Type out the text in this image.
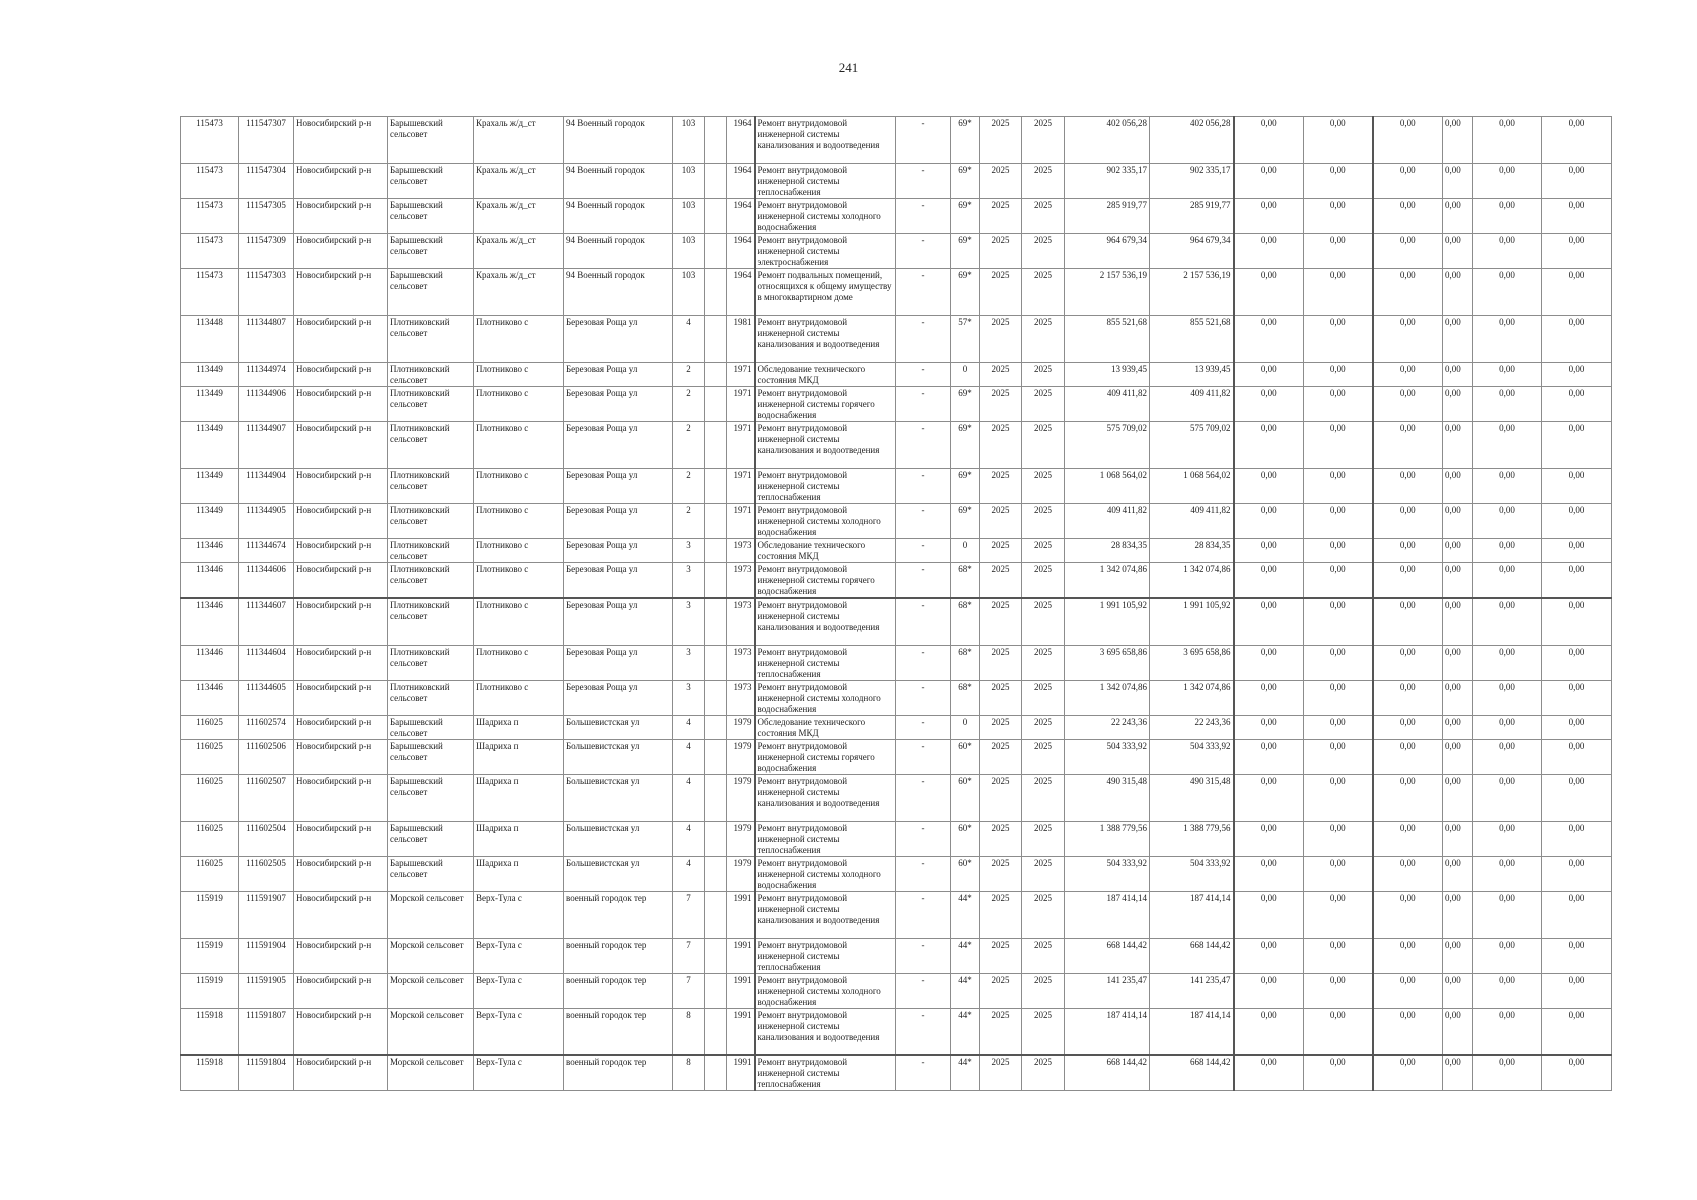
241
115473	111547307	Новосибирский р-н	Барышевский сельсовет	Крахаль ж/д_ст	94 Военный городок	103		1964	Ремонт внутридомовой инженерной системы канализования и водоотведения	-	69*	2025	2025	402 056,28	402 056,28	0,00	0,00	0,00	0,00	0,00	0,00
115473	111547304	Новосибирский р-н	Барышевский сельсовет	Крахаль ж/д_ст	94 Военный городок	103		1964	Ремонт внутридомовой инженерной системы теплоснабжения	-	69*	2025	2025	902 335,17	902 335,17	0,00	0,00	0,00	0,00	0,00	0,00
115473	111547305	Новосибирский р-н	Барышевский сельсовет	Крахаль ж/д_ст	94 Военный городок	103		1964	Ремонт внутридомовой инженерной системы холодного водоснабжения	-	69*	2025	2025	285 919,77	285 919,77	0,00	0,00	0,00	0,00	0,00	0,00
115473	111547309	Новосибирский р-н	Барышевский сельсовет	Крахаль ж/д_ст	94 Военный городок	103		1964	Ремонт внутридомовой инженерной системы электроснабжения	-	69*	2025	2025	964 679,34	964 679,34	0,00	0,00	0,00	0,00	0,00	0,00
115473	111547303	Новосибирский р-н	Барышевский сельсовет	Крахаль ж/д_ст	94 Военный городок	103		1964	Ремонт подвальных помещений, относящихся к общему имуществу в многоквартирном доме	-	69*	2025	2025	2 157 536,19	2 157 536,19	0,00	0,00	0,00	0,00	0,00	0,00
113448	111344807	Новосибирский р-н	Плотниковский сельсовет	Плотниково с	Березовая Роща ул	4		1981	Ремонт внутридомовой инженерной системы канализования и водоотведения	-	57*	2025	2025	855 521,68	855 521,68	0,00	0,00	0,00	0,00	0,00	0,00
113449	111344974	Новосибирский р-н	Плотниковский сельсовет	Плотниково с	Березовая Роща ул	2		1971	Обследование технического состояния МКД	-	0	2025	2025	13 939,45	13 939,45	0,00	0,00	0,00	0,00	0,00	0,00
113449	111344906	Новосибирский р-н	Плотниковский сельсовет	Плотниково с	Березовая Роща ул	2		1971	Ремонт внутридомовой инженерной системы горячего водоснабжения	-	69*	2025	2025	409 411,82	409 411,82	0,00	0,00	0,00	0,00	0,00	0,00
113449	111344907	Новосибирский р-н	Плотниковский сельсовет	Плотниково с	Березовая Роща ул	2		1971	Ремонт внутридомовой инженерной системы канализования и водоотведения	-	69*	2025	2025	575 709,02	575 709,02	0,00	0,00	0,00	0,00	0,00	0,00
113449	111344904	Новосибирский р-н	Плотниковский сельсовет	Плотниково с	Березовая Роща ул	2		1971	Ремонт внутридомовой инженерной системы теплоснабжения	-	69*	2025	2025	1 068 564,02	1 068 564,02	0,00	0,00	0,00	0,00	0,00	0,00
113449	111344905	Новосибирский р-н	Плотниковский сельсовет	Плотниково с	Березовая Роща ул	2		1971	Ремонт внутридомовой инженерной системы холодного водоснабжения	-	69*	2025	2025	409 411,82	409 411,82	0,00	0,00	0,00	0,00	0,00	0,00
113446	111344674	Новосибирский р-н	Плотниковский сельсовет	Плотниково с	Березовая Роща ул	3		1973	Обследование технического состояния МКД	-	0	2025	2025	28 834,35	28 834,35	0,00	0,00	0,00	0,00	0,00	0,00
113446	111344606	Новосибирский р-н	Плотниковский сельсовет	Плотниково с	Березовая Роща ул	3		1973	Ремонт внутридомовой инженерной системы горячего водоснабжения	-	68*	2025	2025	1 342 074,86	1 342 074,86	0,00	0,00	0,00	0,00	0,00	0,00
113446	111344607	Новосибирский р-н	Плотниковский сельсовет	Плотниково с	Березовая Роща ул	3		1973	Ремонт внутридомовой инженерной системы канализования и водоотведения	-	68*	2025	2025	1 991 105,92	1 991 105,92	0,00	0,00	0,00	0,00	0,00	0,00
113446	111344604	Новосибирский р-н	Плотниковский сельсовет	Плотниково с	Березовая Роща ул	3		1973	Ремонт внутридомовой инженерной системы теплоснабжения	-	68*	2025	2025	3 695 658,86	3 695 658,86	0,00	0,00	0,00	0,00	0,00	0,00
113446	111344605	Новосибирский р-н	Плотниковский сельсовет	Плотниково с	Березовая Роща ул	3		1973	Ремонт внутридомовой инженерной системы холодного водоснабжения	-	68*	2025	2025	1 342 074,86	1 342 074,86	0,00	0,00	0,00	0,00	0,00	0,00
116025	111602574	Новосибирский р-н	Барышевский сельсовет	Шадриха п	Большевистская ул	4		1979	Обследование технического состояния МКД	-	0	2025	2025	22 243,36	22 243,36	0,00	0,00	0,00	0,00	0,00	0,00
116025	111602506	Новосибирский р-н	Барышевский сельсовет	Шадриха п	Большевистская ул	4		1979	Ремонт внутридомовой инженерной системы горячего водоснабжения	-	60*	2025	2025	504 333,92	504 333,92	0,00	0,00	0,00	0,00	0,00	0,00
116025	111602507	Новосибирский р-н	Барышевский сельсовет	Шадриха п	Большевистская ул	4		1979	Ремонт внутридомовой инженерной системы канализования и водоотведения	-	60*	2025	2025	490 315,48	490 315,48	0,00	0,00	0,00	0,00	0,00	0,00
116025	111602504	Новосибирский р-н	Барышевский сельсовет	Шадриха п	Большевистская ул	4		1979	Ремонт внутридомовой инженерной системы теплоснабжения	-	60*	2025	2025	1 388 779,56	1 388 779,56	0,00	0,00	0,00	0,00	0,00	0,00
116025	111602505	Новосибирский р-н	Барышевский сельсовет	Шадриха п	Большевистская ул	4		1979	Ремонт внутридомовой инженерной системы холодного водоснабжения	-	60*	2025	2025	504 333,92	504 333,92	0,00	0,00	0,00	0,00	0,00	0,00
115919	111591907	Новосибирский р-н	Морской сельсовет	Верх-Тула с	военный городок тер	7		1991	Ремонт внутридомовой инженерной системы канализования и водоотведения	-	44*	2025	2025	187 414,14	187 414,14	0,00	0,00	0,00	0,00	0,00	0,00
115919	111591904	Новосибирский р-н	Морской сельсовет	Верх-Тула с	военный городок тер	7		1991	Ремонт внутридомовой инженерной системы теплоснабжения	-	44*	2025	2025	668 144,42	668 144,42	0,00	0,00	0,00	0,00	0,00	0,00
115919	111591905	Новосибирский р-н	Морской сельсовет	Верх-Тула с	военный городок тер	7		1991	Ремонт внутридомовой инженерной системы холодного водоснабжения	-	44*	2025	2025	141 235,47	141 235,47	0,00	0,00	0,00	0,00	0,00	0,00
115918	111591807	Новосибирский р-н	Морской сельсовет	Верх-Тула с	военный городок тер	8		1991	Ремонт внутридомовой инженерной системы канализования и водоотведения	-	44*	2025	2025	187 414,14	187 414,14	0,00	0,00	0,00	0,00	0,00	0,00
115918	111591804	Новосибирский р-н	Морской сельсовет	Верх-Тула с	военный городок тер	8		1991	Ремонт внутридомовой инженерной системы теплоснабжения	-	44*	2025	2025	668 144,42	668 144,42	0,00	0,00	0,00	0,00	0,00	0,00
